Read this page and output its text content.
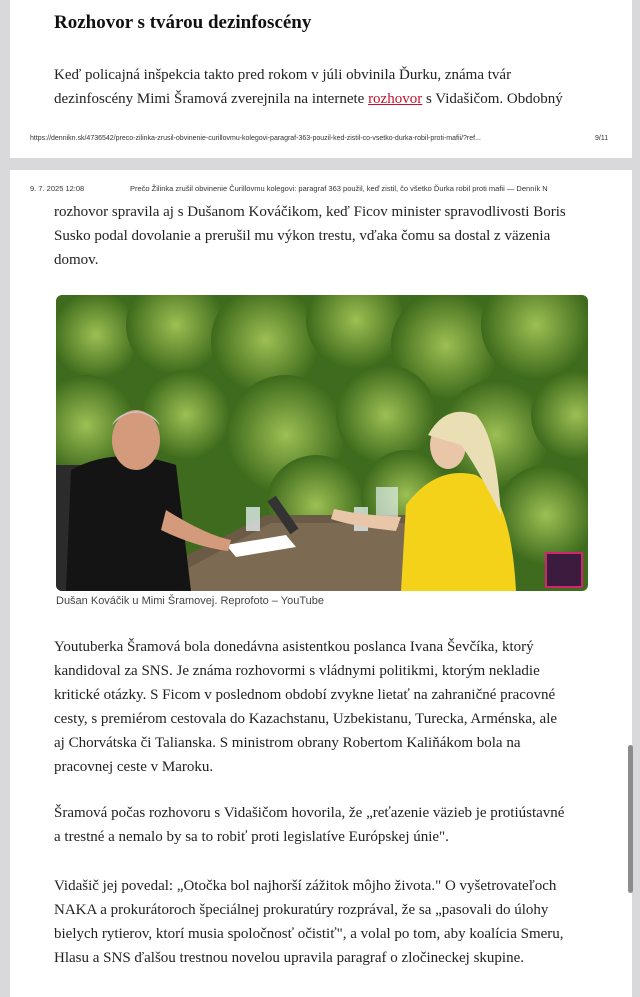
Rozhovor s tvárou dezinfoscény
Keď policajná inšpekcia takto pred rokom v júli obvinila Ďurku, známa tvár
dezinfoscény Mimi Šramová zverejnila na internete rozhovor s Vidašičom. Obdobný
https://dennikn.sk/4736542/preco-zilinka-zrusil-obvinenie-curillovmu-kolegovi-paragraf-363-pouzil-ked-zistil-co-vsetko-durka-robil-proti-mafii/?ref...	9/11
9. 7. 2025 12:08	Prečo Žilinka zrušil obvinenie Čurillovmu kolegovi: paragraf 363 použil, keď zistil, čo všetko Ďurka robil proti mafii — Denník N
rozhovor spravila aj s Dušanom Kováčikom, keď Ficov minister spravodlivosti Boris
Susko podal dovolanie a prerušil mu výkon trestu, vďaka čomu sa dostal z väzenia
domov.
Dušan Kováčik u Mimi Šramovej. Reprofoto – YouTube
Youtuberka Šramová bola donedávna asistentkou poslanca Ivana Ševčíka, ktorý
kandidoval za SNS. Je známa rozhovormi s vládnymi politikmi, ktorým nekladie
kritické otázky. S Ficom v poslednom období zvykne lietať na zahraničné pracovné
cesty, s premiérom cestovala do Kazachstanu, Uzbekistanu, Turecka, Arménska, ale
aj Chorvátska či Talianska. S ministrom obrany Robertom Kaliňákom bola na
pracovnej ceste v Maroku.
Šramová počas rozhovoru s Vidašičom hovorila, že „reťazenie väzieb je protiústavné
a trestné a nemalo by sa to robiť proti legislatíve Európskej únie".
Vidašič jej povedal: „Otočka bol najhorší zážitok môjho života." O vyšetrovateľoch
NAKA a prokurátoroch špeciálnej prokuratúry rozprával, že sa „pasovali do úlohy
bielych rytierov, ktorí musia spoločnosť očistiť", a volal po tom, aby koalícia Smeru,
Hlasu a SNS ďalšou trestnou novelou upravila paragraf o zločineckej skupine.
